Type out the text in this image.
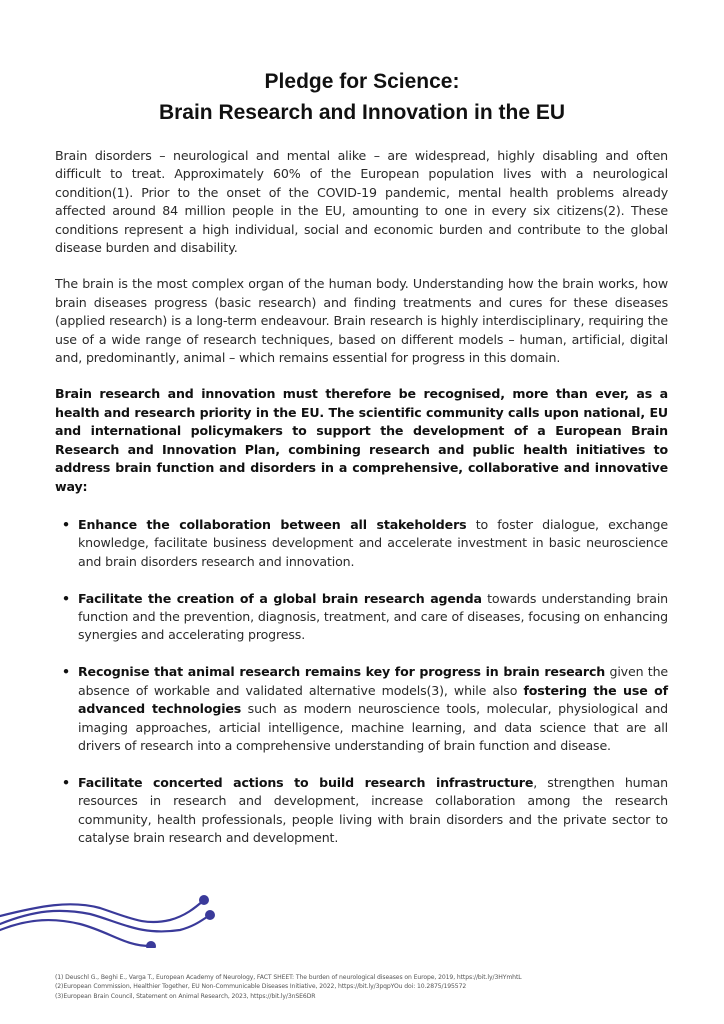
Pledge for Science:
Brain Research and Innovation in the EU

Brain disorders – neurological and mental alike – are widespread, highly disabling and often difficult to treat. Approximately 60% of the European population lives with a neurological condition(1). Prior to the onset of the COVID-19 pandemic, mental health problems already affected around 84 million people in the EU, amounting to one in every six citizens(2). These conditions represent a high individual, social and economic burden and contribute to the global disease burden and disability.

The brain is the most complex organ of the human body. Understanding how the brain works, how brain diseases progress (basic research) and finding treatments and cures for these diseases (applied research) is a long-term endeavour. Brain research is highly interdisciplinary, requiring the use of a wide range of research techniques, based on different models – human, artificial, digital and, predominantly, animal – which remains essential for progress in this domain.

Brain research and innovation must therefore be recognised, more than ever, as a health and research priority in the EU. The scientific community calls upon national, EU and international policymakers to support the development of a European Brain Research and Innovation Plan, combining research and public health initiatives to address brain function and disorders in a comprehensive, collaborative and innovative way:

• Enhance the collaboration between all stakeholders to foster dialogue, exchange knowledge, facilitate business development and accelerate investment in basic neuroscience and brain disorders research and innovation.
• Facilitate the creation of a global brain research agenda towards understanding brain function and the prevention, diagnosis, treatment, and care of diseases, focusing on enhancing synergies and accelerating progress.
• Recognise that animal research remains key for progress in brain research given the absence of workable and validated alternative models(3), while also fostering the use of advanced technologies such as modern neuroscience tools, molecular, physiological and imaging approaches, articial intelligence, machine learning, and data science that are all drivers of research into a comprehensive understanding of brain function and disease.
• Facilitate concerted actions to build research infrastructure, strengthen human resources in research and development, increase collaboration among the research community, health professionals, people living with brain disorders and the private sector to catalyse brain research and development.
(1) Deuschl G., Beghi E., Varga T., European Academy of Neurology, FACT SHEET: The burden of neurological diseases on Europe, 2019, https://bit.ly/3HYmhtL
(2)European Commission, Healthier Together, EU Non-Communicable Diseases Initiative, 2022, https://bit.ly/3pqpYOu doi: 10.2875/195572
(3)European Brain Council, Statement on Animal Research, 2023, https://bit.ly/3nSE6DR
